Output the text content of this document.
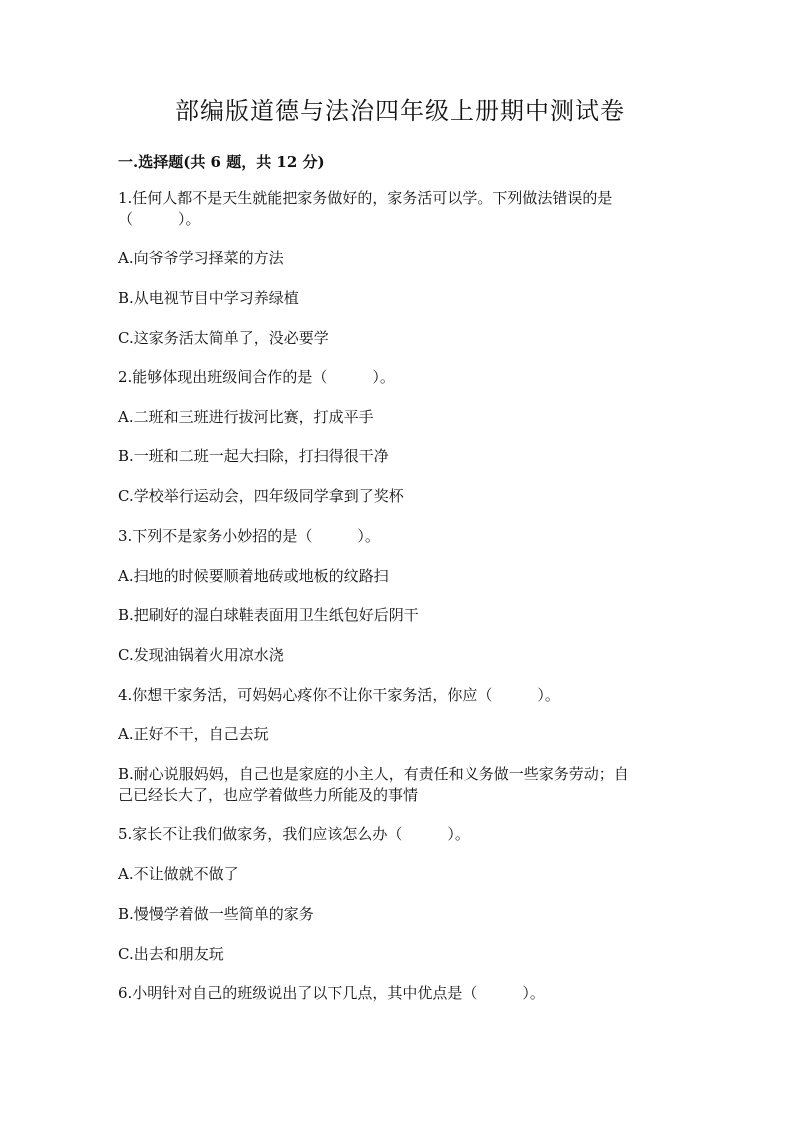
部编版道德与法治四年级上册期中测试卷
一.选择题(共 6 题，共 12 分)
1.任何人都不是天生就能把家务做好的，家务活可以学。下列做法错误的是
（　　　）。
A.向爷爷学习择菜的方法
B.从电视节目中学习养绿植
C.这家务活太简单了，没必要学
2.能够体现出班级间合作的是（　　　）。
A.二班和三班进行拔河比赛，打成平手
B.一班和二班一起大扫除，打扫得很干净
C.学校举行运动会，四年级同学拿到了奖杯
3.下列不是家务小妙招的是（　　　）。
A.扫地的时候要顺着地砖或地板的纹路扫
B.把刷好的湿白球鞋表面用卫生纸包好后阴干
C.发现油锅着火用凉水浇
4.你想干家务活，可妈妈心疼你不让你干家务活，你应（　　　）。
A.正好不干，自己去玩
B.耐心说服妈妈，自己也是家庭的小主人，有责任和义务做一些家务劳动；自
己已经长大了，也应学着做些力所能及的事情
5.家长不让我们做家务，我们应该怎么办（　　　）。
A.不让做就不做了
B.慢慢学着做一些简单的家务
C.出去和朋友玩
6.小明针对自己的班级说出了以下几点，其中优点是（　　　）。
